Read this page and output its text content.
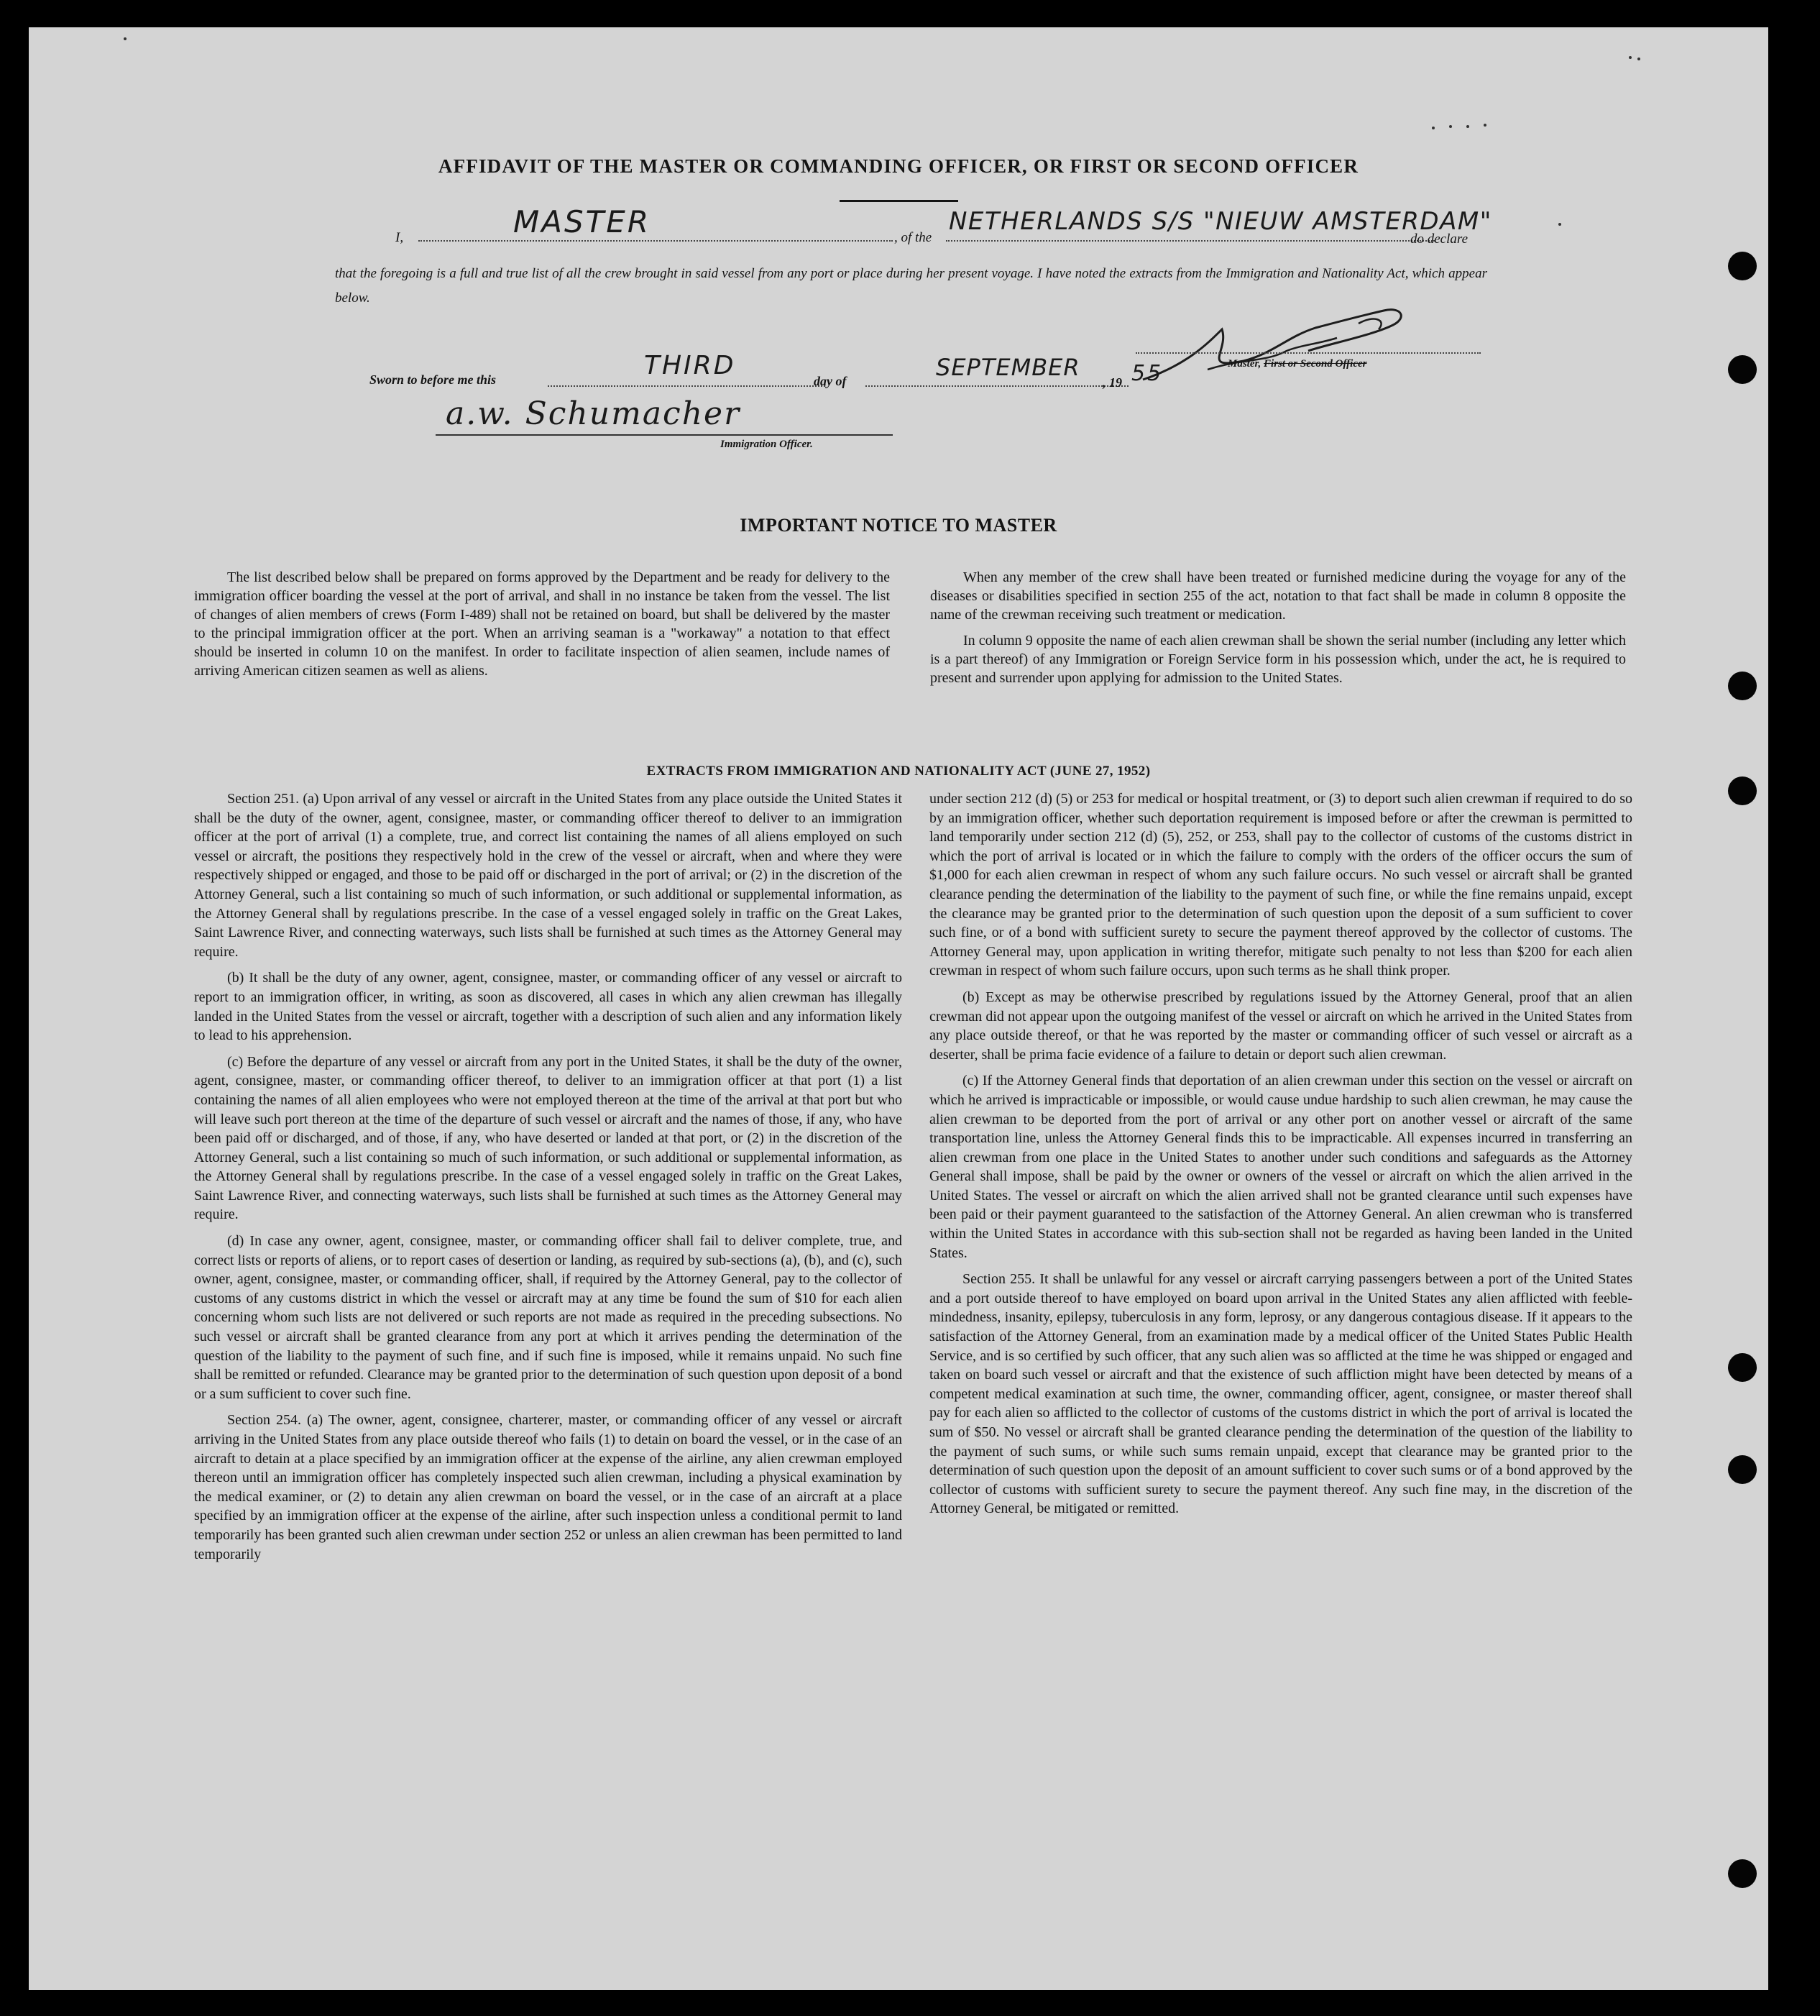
AFFIDAVIT OF THE MASTER OR COMMANDING OFFICER, OR FIRST OR SECOND OFFICER
I,	MASTER	, of the
NETHERLANDS S/S "NIEUW AMSTERDAM"
do declare
that the foregoing is a full and true list of all the crew brought in said vessel from any port or place during her present voyage. I have noted the extracts from the Immigration and Nationality Act, which appear below.
Master, First or Second Officer
Sworn to before me this	THIRD
day of	SEPTEMBER
, 19 55
a.w. Schumacher
Immigration Officer.
IMPORTANT NOTICE TO MASTER

The list described below shall be prepared on forms approved by the Department and be ready for delivery to the immigration officer boarding the vessel at the port of arrival, and shall in no instance be taken from the vessel. The list of changes of alien members of crews (Form I-489) shall not be retained on board, but shall be delivered by the master to the principal immigration officer at the port. When an arriving seaman is a "workaway" a notation to that effect should be inserted in column 10 on the manifest. In order to facilitate inspection of alien seamen, include names of arriving American citizen seamen as well as aliens.

When any member of the crew shall have been treated or furnished medicine during the voyage for any of the diseases or disabilities specified in section 255 of the act, notation to that fact shall be made in column 8 opposite the name of the crewman receiving such treatment or medication.

In column 9 opposite the name of each alien crewman shall be shown the serial number (including any letter which is a part thereof) of any Immigration or Foreign Service form in his possession which, under the act, he is required to present and surrender upon applying for admission to the United States.

EXTRACTS FROM IMMIGRATION AND NATIONALITY ACT (JUNE 27, 1952)

Section 251. (a) Upon arrival of any vessel or aircraft in the United States from any place outside the United States it shall be the duty of the owner, agent, consignee, master, or commanding officer thereof to deliver to an immigration officer at the port of arrival (1) a complete, true, and correct list containing the names of all aliens employed on such vessel or aircraft, the positions they respectively hold in the crew of the vessel or aircraft, when and where they were respectively shipped or engaged, and those to be paid off or discharged in the port of arrival; or (2) in the discretion of the Attorney General, such a list containing so much of such information, or such additional or supplemental information, as the Attorney General shall by regulations prescribe. In the case of a vessel engaged solely in traffic on the Great Lakes, Saint Lawrence River, and connecting waterways, such lists shall be furnished at such times as the Attorney General may require.

(b) It shall be the duty of any owner, agent, consignee, master, or commanding officer of any vessel or aircraft to report to an immigration officer, in writing, as soon as discovered, all cases in which any alien crewman has illegally landed in the United States from the vessel or aircraft, together with a description of such alien and any information likely to lead to his apprehension.

(c) Before the departure of any vessel or aircraft from any port in the United States, it shall be the duty of the owner, agent, consignee, master, or commanding officer thereof, to deliver to an immigration officer at that port (1) a list containing the names of all alien employees who were not employed thereon at the time of the arrival at that port but who will leave such port thereon at the time of the departure of such vessel or aircraft and the names of those, if any, who have been paid off or discharged, and of those, if any, who have deserted or landed at that port, or (2) in the discretion of the Attorney General, such a list containing so much of such information, or such additional or supplemental information, as the Attorney General shall by regulations prescribe. In the case of a vessel engaged solely in traffic on the Great Lakes, Saint Lawrence River, and connecting waterways, such lists shall be furnished at such times as the Attorney General may require.

(d) In case any owner, agent, consignee, master, or commanding officer shall fail to deliver complete, true, and correct lists or reports of aliens, or to report cases of desertion or landing, as required by sub-sections (a), (b), and (c), such owner, agent, consignee, master, or commanding officer, shall, if required by the Attorney General, pay to the collector of customs of any customs district in which the vessel or aircraft may at any time be found the sum of $10 for each alien concerning whom such lists are not delivered or such reports are not made as required in the preceding subsections. No such vessel or aircraft shall be granted clearance from any port at which it arrives pending the determination of the question of the liability to the payment of such fine, and if such fine is imposed, while it remains unpaid. No such fine shall be remitted or refunded. Clearance may be granted prior to the determination of such question upon deposit of a bond or a sum sufficient to cover such fine.

Section 254. (a) The owner, agent, consignee, charterer, master, or commanding officer of any vessel or aircraft arriving in the United States from any place outside thereof who fails (1) to detain on board the vessel, or in the case of an aircraft to detain at a place specified by an immigration officer at the expense of the airline, any alien crewman employed thereon until an immigration officer has completely inspected such alien crewman, including a physical examination by the medical examiner, or (2) to detain any alien crewman on board the vessel, or in the case of an aircraft at a place specified by an immigration officer at the expense of the airline, after such inspection unless a conditional permit to land temporarily has been granted such alien crewman under section 252 or unless an alien crewman has been permitted to land temporarily

under section 212 (d) (5) or 253 for medical or hospital treatment, or (3) to deport such alien crewman if required to do so by an immigration officer, whether such deportation requirement is imposed before or after the crewman is permitted to land temporarily under section 212 (d) (5), 252, or 253, shall pay to the collector of customs of the customs district in which the port of arrival is located or in which the failure to comply with the orders of the officer occurs the sum of $1,000 for each alien crewman in respect of whom any such failure occurs. No such vessel or aircraft shall be granted clearance pending the determination of the liability to the payment of such fine, or while the fine remains unpaid, except the clearance may be granted prior to the determination of such question upon the deposit of a sum sufficient to cover such fine, or of a bond with sufficient surety to secure the payment thereof approved by the collector of customs. The Attorney General may, upon application in writing therefor, mitigate such penalty to not less than $200 for each alien crewman in respect of whom such failure occurs, upon such terms as he shall think proper.

(b) Except as may be otherwise prescribed by regulations issued by the Attorney General, proof that an alien crewman did not appear upon the outgoing manifest of the vessel or aircraft on which he arrived in the United States from any place outside thereof, or that he was reported by the master or commanding officer of such vessel or aircraft as a deserter, shall be prima facie evidence of a failure to detain or deport such alien crewman.

(c) If the Attorney General finds that deportation of an alien crewman under this section on the vessel or aircraft on which he arrived is impracticable or impossible, or would cause undue hardship to such alien crewman, he may cause the alien crewman to be deported from the port of arrival or any other port on another vessel or aircraft of the same transportation line, unless the Attorney General finds this to be impracticable. All expenses incurred in transferring an alien crewman from one place in the United States to another under such conditions and safeguards as the Attorney General shall impose, shall be paid by the owner or owners of the vessel or aircraft on which the alien arrived in the United States. The vessel or aircraft on which the alien arrived shall not be granted clearance until such expenses have been paid or their payment guaranteed to the satisfaction of the Attorney General. An alien crewman who is transferred within the United States in accordance with this sub-section shall not be regarded as having been landed in the United States.

Section 255. It shall be unlawful for any vessel or aircraft carrying passengers between a port of the United States and a port outside thereof to have employed on board upon arrival in the United States any alien afflicted with feeble-mindedness, insanity, epilepsy, tuberculosis in any form, leprosy, or any dangerous contagious disease. If it appears to the satisfaction of the Attorney General, from an examination made by a medical officer of the United States Public Health Service, and is so certified by such officer, that any such alien was so afflicted at the time he was shipped or engaged and taken on board such vessel or aircraft and that the existence of such affliction might have been detected by means of a competent medical examination at such time, the owner, commanding officer, agent, consignee, or master thereof shall pay for each alien so afflicted to the collector of customs of the customs district in which the port of arrival is located the sum of $50. No vessel or aircraft shall be granted clearance pending the determination of the question of the liability to the payment of such sums, or while such sums remain unpaid, except that clearance may be granted prior to the determination of such question upon the deposit of an amount sufficient to cover such sums or of a bond approved by the collector of customs with sufficient surety to secure the payment thereof. Any such fine may, in the discretion of the Attorney General, be mitigated or remitted.
